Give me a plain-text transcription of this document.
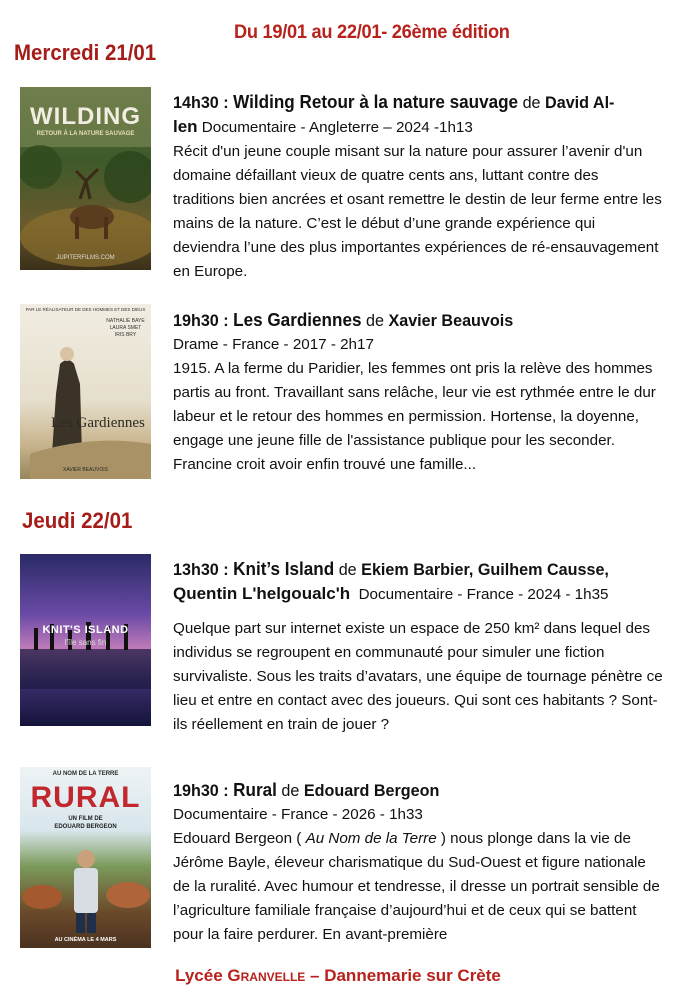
Du 19/01 au 22/01- 26ème édition
Mercredi 21/01
Jeudi 22/01
WILDING
RETOUR À LA NATURE SAUVAGE
JUPITERFILMS.COM
14h30 : Wilding Retour à la nature sauvage de David Al-
len Documentaire - Angleterre – 2024 -1h13

Récit d'un jeune couple misant sur la nature pour assurer l’avenir d'un domaine défaillant vieux de quatre cents ans, luttant contre des traditions bien ancrées et osant remettre le destin de leur ferme entre les mains de la nature. C’est le début d’une grande expérience qui deviendra l’une des plus importantes expériences de ré-ensauvagement en Europe.

PAR LE RÉALISATEUR DE DES HOMMES ET DES DIEUX
NATHALIE BAYE
LAURA SMET
IRIS BRY
Les Gardiennes
XAVIER BEAUVOIS
19h30 : Les Gardiennes de Xavier Beauvois
Drame - France - 2017 - 2h17

1915. A la ferme du Paridier, les femmes ont pris la relève des hommes partis au front. Travaillant sans relâche, leur vie est rythmée entre le dur labeur et le retour des hommes en permission. Hortense, la doyenne, engage une jeune fille de l'assistance publique pour les seconder. Francine croit avoir enfin trouvé une famille...

KNIT'S ISLAND
l'île sans fin
13h30 : Knit’s Island de Ekiem Barbier, Guilhem Causse,
Quentin L'helgoualc'h Documentaire - France - 2024 - 1h35

Quelque part sur internet existe un espace de 250 km² dans lequel des individus se regroupent en communauté pour simuler une fiction survivaliste. Sous les traits d’avatars, une équipe de tournage pénètre ce lieu et entre en contact avec des joueurs. Qui sont ces habitants ? Sont-ils réellement en train de jouer ?

AU NOM DE LA TERRE
RURAL
UN FILM DE
EDOUARD BERGEON
AU CINÉMA LE 4 MARS
19h30 : Rural de Edouard Bergeon
Documentaire - France - 2026 - 1h33

Edouard Bergeon ( Au Nom de la Terre ) nous plonge dans la vie de Jérôme Bayle, éleveur charismatique du Sud-Ouest et figure nationale de la ruralité. Avec humour et tendresse, il dresse un portrait sensible de l’agriculture familiale française d’aujourd’hui et de ceux qui se battent pour la faire perdurer. En avant-première

Lycée Granvelle – Dannemarie sur Crète
